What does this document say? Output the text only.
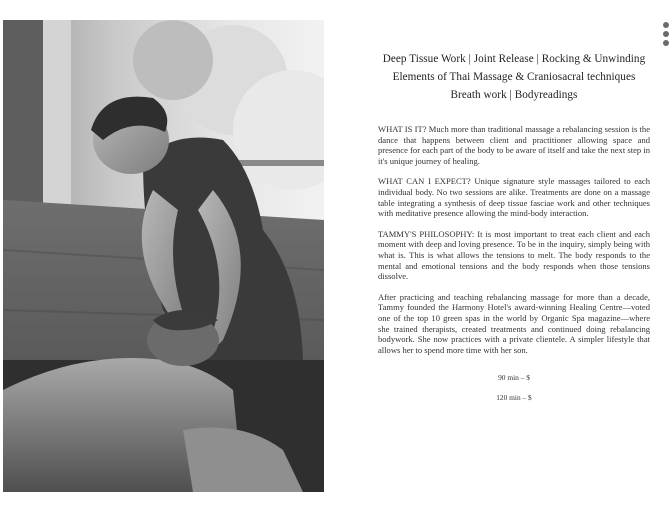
Deep Tissue Work | Joint Release | Rocking & Unwinding
Elements of Thai Massage & Craniosacral techniques
Breath work | Bodyreadings

WHAT IS IT? Much more than traditional massage a rebalancing session is the dance that happens between client and practitioner allowing space and presence for each part of the body to be aware of itself and take the next step in it's unique journey of healing.

WHAT CAN I EXPECT? Unique signature style massages tailored to each individual body. No two sessions are alike. Treatments are done on a massage table integrating a synthesis of deep tissue fasciae work and other techniques with meditative presence allowing the mind-body interaction.

TAMMY'S PHILOSOPHY: It is most important to treat each client and each moment with deep and loving presence. To be in the inquiry, simply being with what is. This is what allows the tensions to melt. The body responds to the mental and emotional tensions and the body responds when those tensions dissolve.

After practicing and teaching rebalancing massage for more than a decade, Tammy founded the Harmony Hotel's award-winning Healing Centre—voted one of the top 10 green spas in the world by Organic Spa magazine—where she trained therapists, created treatments and continued doing rebalancing bodywork. She now practices with a private clientele. A simpler lifestyle that allows her to spend more time with her son.

90 min – $
120 min – $
